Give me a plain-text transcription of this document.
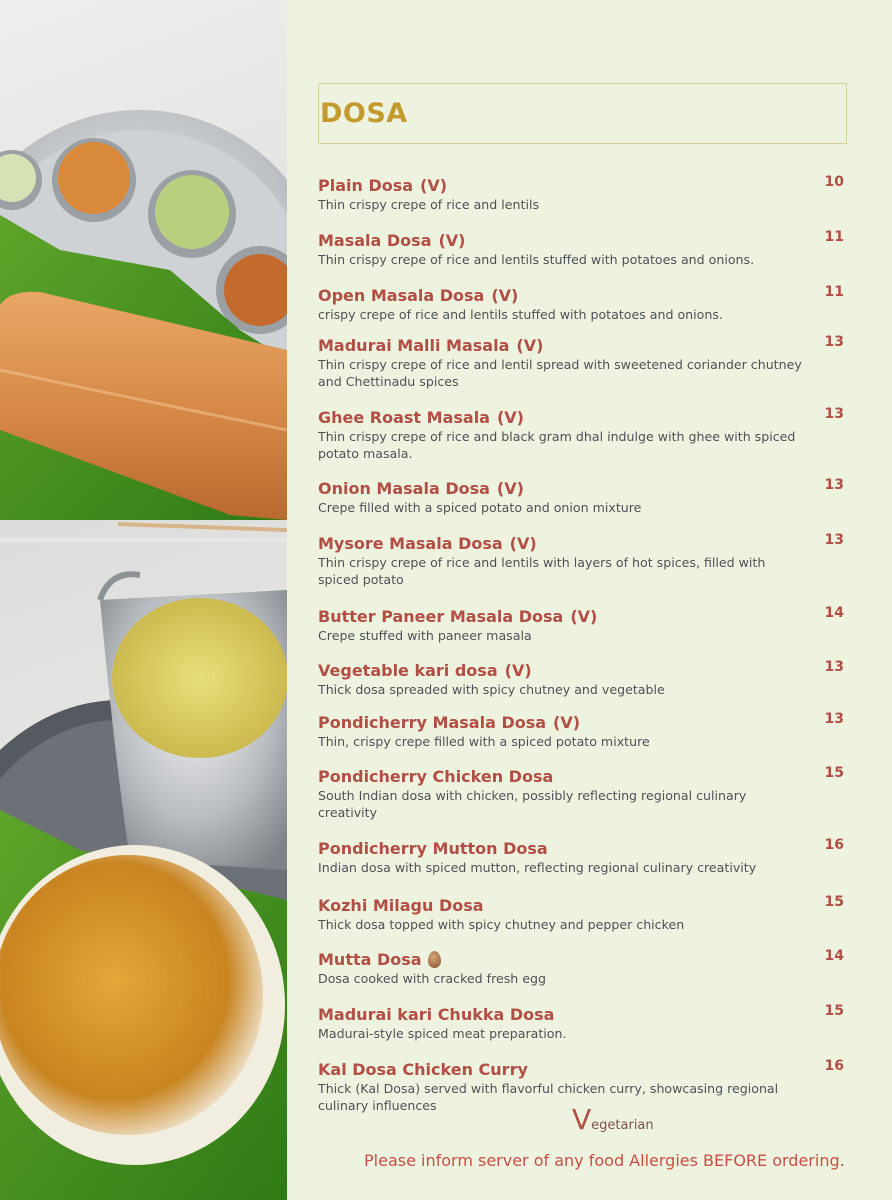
DOSA
Plain Dosa (V)
Thin crispy crepe of rice and lentils
10
Masala Dosa (V)
Thin crispy crepe of rice and lentils stuffed with potatoes and onions.
11
Open Masala Dosa (V)
crispy crepe of rice and lentils stuffed with potatoes and onions.
11
Madurai Malli Masala (V)
Thin crispy crepe of rice and lentil spread with sweetened coriander chutney and Chettinadu spices
13
Ghee Roast Masala (V)
Thin crispy crepe of rice and black gram dhal indulge with ghee with spiced potato masala.
13
Onion Masala Dosa (V)
Crepe filled with a spiced potato and onion mixture
13
Mysore Masala Dosa (V)
Thin crispy crepe of rice and lentils with layers of hot spices, filled with spiced potato
13
Butter Paneer Masala Dosa (V)
Crepe stuffed with paneer masala
14
Vegetable kari dosa (V)
Thick dosa spreaded with spicy chutney and vegetable
13
Pondicherry Masala Dosa (V)
Thin, crispy crepe filled with a spiced potato mixture
13
Pondicherry Chicken Dosa
South Indian dosa with chicken, possibly reflecting regional culinary creativity
15
Pondicherry Mutton Dosa
Indian dosa with spiced mutton, reflecting regional culinary creativity
16
Kozhi Milagu Dosa
Thick dosa topped with spicy chutney and pepper chicken
15
Mutta Dosa
Dosa cooked with cracked fresh egg
14
Madurai kari Chukka Dosa
Madurai-style spiced meat preparation.
15
Kal Dosa Chicken Curry
Thick (Kal Dosa) served with flavorful chicken curry, showcasing regional culinary influences
16
Vegetarian
Please inform server of any food Allergies BEFORE ordering.
